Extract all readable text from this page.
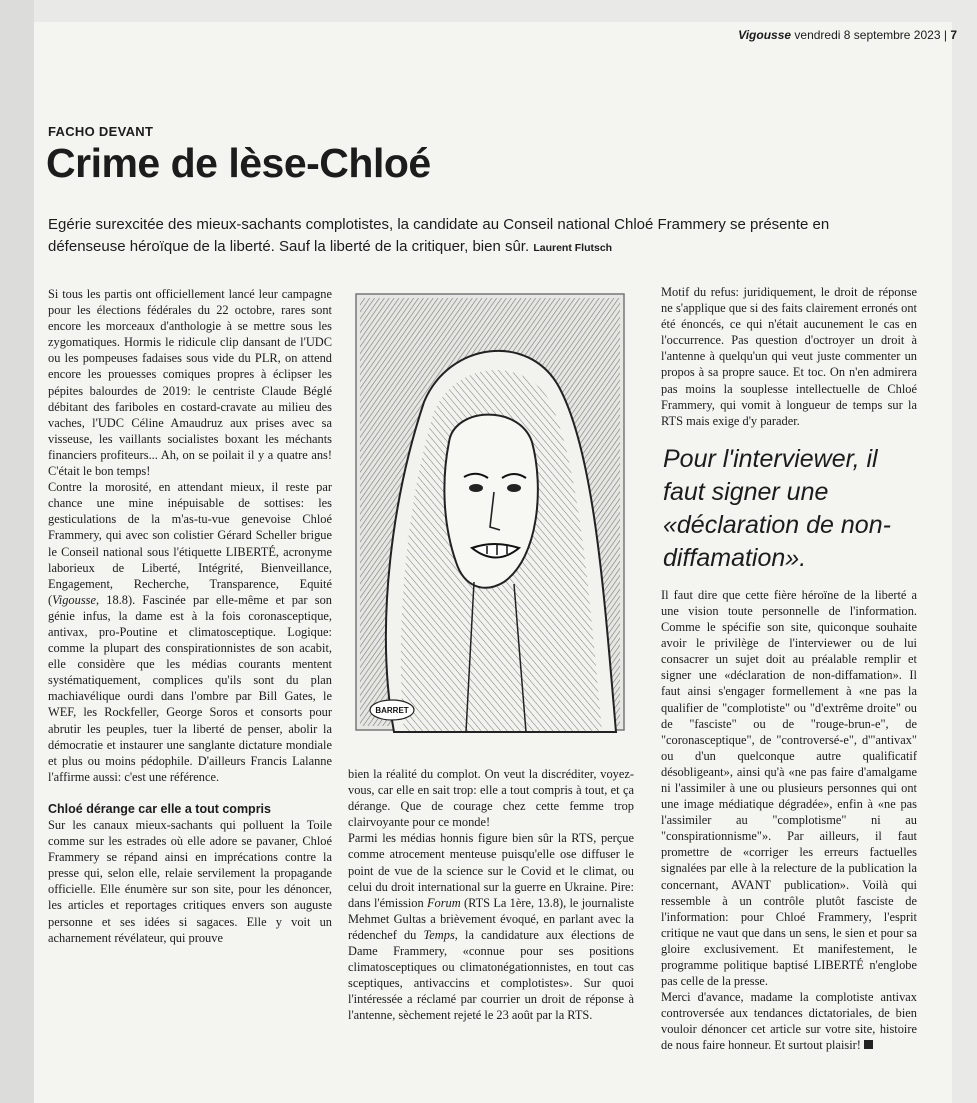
Vigousse vendredi 8 septembre 2023 | 7
FACHO DEVANT
Crime de lèse-Chloé
Egérie surexcitée des mieux-sachants complotistes, la candidate au Conseil national Chloé Frammery se présente en défenseuse héroïque de la liberté. Sauf la liberté de la critiquer, bien sûr. Laurent Flutsch

Si tous les partis ont officiellement lancé leur campagne pour les élections fédérales du 22 octobre, rares sont encore les morceaux d'anthologie à se mettre sous les zygomatiques. Hormis le ridicule clip dansant de l'UDC ou les pompeuses fadaises sous vide du PLR, on attend encore les prouesses comiques propres à éclipser les pépites balourdes de 2019: le centriste Claude Béglé débitant des fariboles en costard-cravate au milieu des vaches, l'UDC Céline Amaudruz aux prises avec sa visseuse, les vaillants socialistes boxant les méchants financiers profiteurs... Ah, on se poilait il y a quatre ans! C'était le bon temps!

Contre la morosité, en attendant mieux, il reste par chance une mine inépuisable de sottises: les gesticulations de la m'as-tu-vue genevoise Chloé Frammery, qui avec son colistier Gérard Scheller brigue le Conseil national sous l'étiquette LIBERTÉ, acronyme laborieux de Liberté, Intégrité, Bienveillance, Engagement, Recherche, Transparence, Equité (Vigousse, 18.8). Fascinée par elle-même et par son génie infus, la dame est à la fois coronasceptique, antivax, pro-Poutine et climatosceptique. Logique: comme la plupart des conspirationnistes de son acabit, elle considère que les médias courants mentent systématiquement, complices qu'ils sont du plan machiavélique ourdi dans l'ombre par Bill Gates, le WEF, les Rockfeller, George Soros et consorts pour abrutir les peuples, tuer la liberté de penser, abolir la démocratie et instaurer une sanglante dictature mondiale et plus ou moins pédophile. D'ailleurs Francis Lalanne l'affirme aussi: c'est une référence.

Chloé dérange car elle a tout compris

Sur les canaux mieux-sachants qui polluent la Toile comme sur les estrades où elle adore se pavaner, Chloé Frammery se répand ainsi en imprécations contre la presse qui, selon elle, relaie servilement la propagande officielle. Elle énumère sur son site, pour les dénoncer, les articles et reportages critiques envers son auguste personne et ses idées si sagaces. Elle y voit un acharnement révélateur, qui prouve

BARRET

bien la réalité du complot. On veut la discréditer, voyez-vous, car elle en sait trop: elle a tout compris à tout, et ça dérange. Que de courage chez cette femme trop clairvoyante pour ce monde!

Parmi les médias honnis figure bien sûr la RTS, perçue comme atrocement menteuse puisqu'elle ose diffuser le point de vue de la science sur le Covid et le climat, ou celui du droit international sur la guerre en Ukraine. Pire: dans l'émission Forum (RTS La 1ère, 13.8), le journaliste Mehmet Gultas a brièvement évoqué, en parlant avec la rédenchef du Temps, la candidature aux élections de Dame Frammery, «connue pour ses positions climatosceptiques ou climatonégationnistes, en tout cas sceptiques, antivaccins et complotistes». Sur quoi l'intéressée a réclamé par courrier un droit de réponse à l'antenne, sèchement rejeté le 23 août par la RTS.

Motif du refus: juridiquement, le droit de réponse ne s'applique que si des faits clairement erronés ont été énoncés, ce qui n'était aucunement le cas en l'occurrence. Pas question d'octroyer un droit à l'antenne à quelqu'un qui veut juste commenter un propos à sa propre sauce. Et toc. On n'en admirera pas moins la souplesse intellectuelle de Chloé Frammery, qui vomit à longueur de temps sur la RTS mais exige d'y parader.

Pour l'interviewer, il faut signer une «déclaration de non-diffamation».

Il faut dire que cette fière héroïne de la liberté a une vision toute personnelle de l'information. Comme le spécifie son site, quiconque souhaite avoir le privilège de l'interviewer ou de lui consacrer un sujet doit au préalable remplir et signer une «déclaration de non-diffamation». Il faut ainsi s'engager formellement à «ne pas la qualifier de "complotiste" ou "d'extrême droite" ou de "fasciste" ou de "rouge-brun-e", de "coronasceptique", de "controversé-e", d'"antivax" ou d'un quelconque autre qualificatif désobligeant», ainsi qu'à «ne pas faire d'amalgame ni l'assimiler à une ou plusieurs personnes qui ont une image médiatique dégradée», enfin à «ne pas l'assimiler au "complotisme" ni au "conspirationnisme"». Par ailleurs, il faut promettre de «corriger les erreurs factuelles signalées par elle à la relecture de la publication la concernant, AVANT publication». Voilà qui ressemble à un contrôle plutôt fasciste de l'information: pour Chloé Frammery, l'esprit critique ne vaut que dans un sens, le sien et pour sa gloire exclusivement. Et manifestement, le programme politique baptisé LIBERTÉ n'englobe pas celle de la presse.

Merci d'avance, madame la complotiste antivax controversée aux tendances dictatoriales, de bien vouloir dénoncer cet article sur votre site, histoire de nous faire honneur. Et surtout plaisir!
